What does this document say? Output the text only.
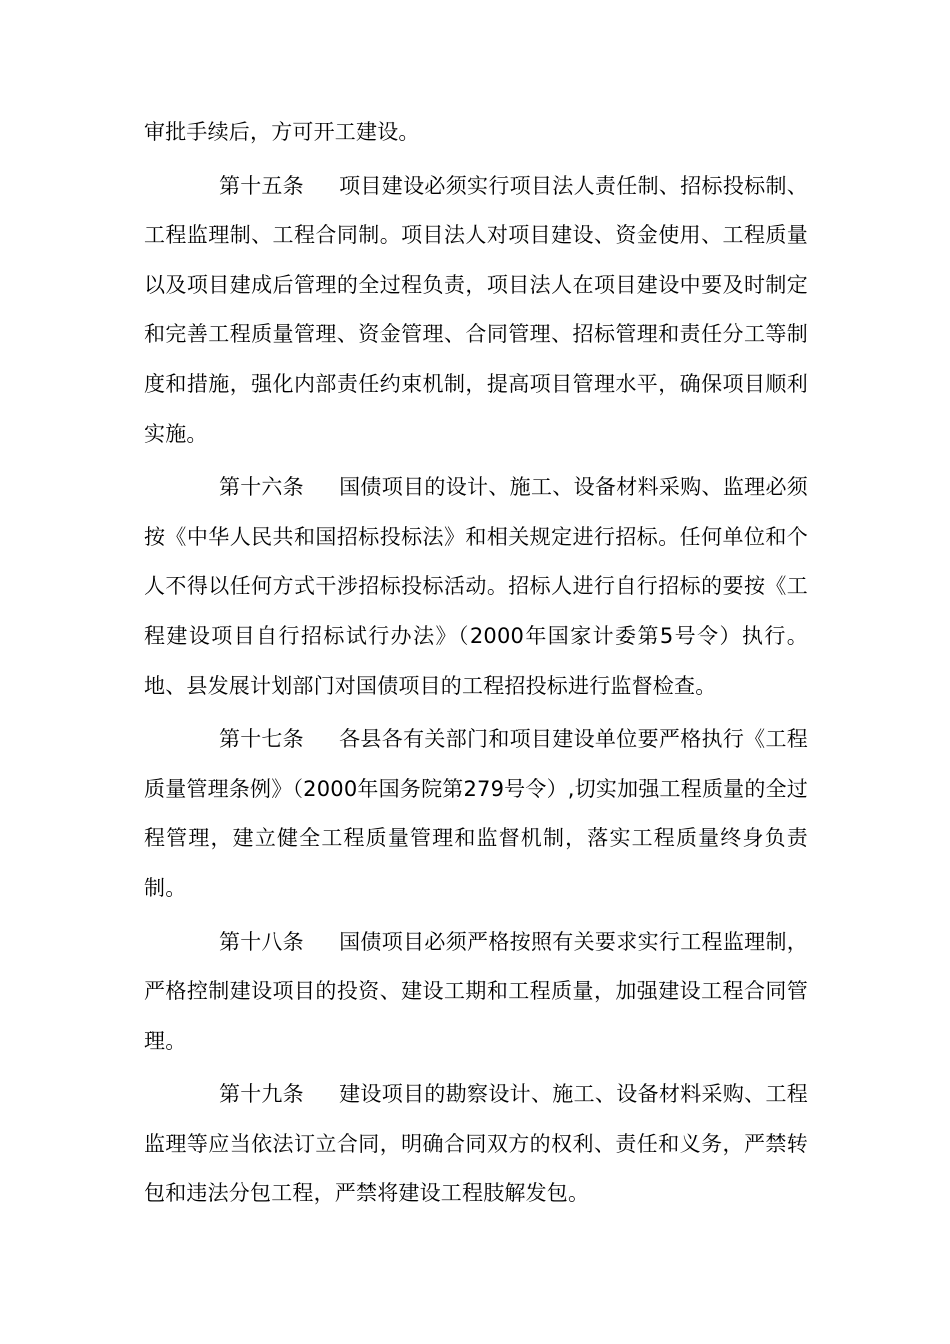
审批手续后，方可开工建设。

第十五条 项目建设必须实行项目法人责任制、招标投标制、工程监理制、工程合同制。项目法人对项目建设、资金使用、工程质量以及项目建成后管理的全过程负责，项目法人在项目建设中要及时制定和完善工程质量管理、资金管理、合同管理、招标管理和责任分工等制度和措施，强化内部责任约束机制，提高项目管理水平，确保项目顺利实施。

第十六条 国债项目的设计、施工、设备材料采购、监理必须按《中华人民共和国招标投标法》和相关规定进行招标。任何单位和个人不得以任何方式干涉招标投标活动。招标人进行自行招标的要按《工程建设项目自行招标试行办法》（2000年国家计委第5号令）执行。地、县发展计划部门对国债项目的工程招投标进行监督检查。

第十七条 各县各有关部门和项目建设单位要严格执行《工程质量管理条例》（2000年国务院第279号令）,切实加强工程质量的全过程管理，建立健全工程质量管理和监督机制，落实工程质量终身负责制。

第十八条 国债项目必须严格按照有关要求实行工程监理制，严格控制建设项目的投资、建设工期和工程质量，加强建设工程合同管理。

第十九条 建设项目的勘察设计、施工、设备材料采购、工程监理等应当依法订立合同，明确合同双方的权利、责任和义务，严禁转包和违法分包工程，严禁将建设工程肢解发包。
